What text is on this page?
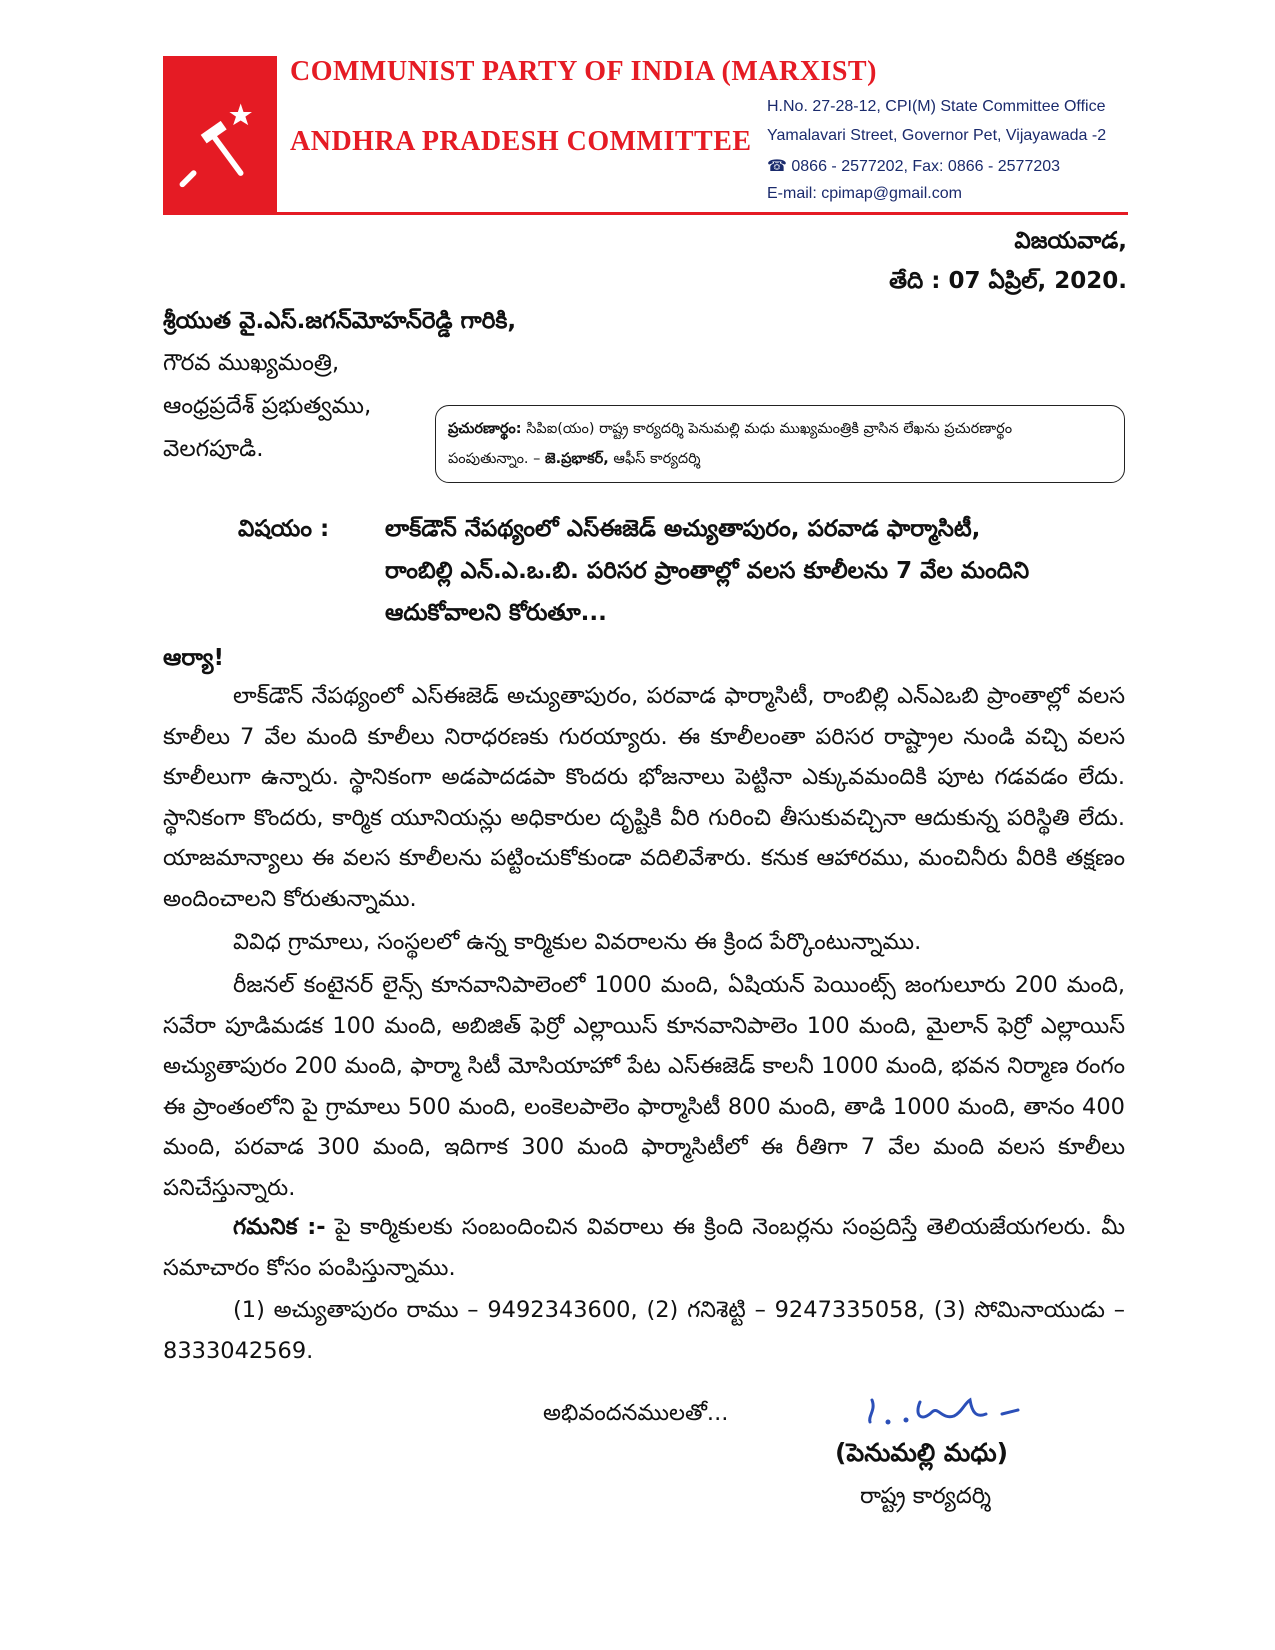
COMMUNIST PARTY OF INDIA (MARXIST)
ANDHRA PRADESH COMMITTEE
H.No. 27-28-12, CPI(M) State Committee Office
Yamalavari Street, Governor Pet, Vijayawada -2
☎ 0866 - 2577202, Fax: 0866 - 2577203
E-mail: cpimap@gmail.com
విజయవాడ,
తేది : 07 ఏప్రిల్, 2020.
శ్రీయుత వై.ఎస్.జగన్‌మోహన్‌రెడ్డి గారికి,
గౌరవ ముఖ్యమంత్రి,
ఆంధ్రప్రదేశ్ ప్రభుత్వము,
వెలగపూడి.
ప్రచురణార్థం: సిపిఐ(యం) రాష్ట్ర కార్యదర్శి పెనుమల్లి మధు ముఖ్యమంత్రికి వ్రాసిన లేఖను ప్రచురణార్థం
పంపుతున్నాం. – జె.ప్రభాకర్, ఆఫీస్ కార్యదర్శి
విషయం : లాక్‌డౌన్ నేపథ్యంలో ఎస్ఈజెడ్ అచ్యుతాపురం, పరవాడ ఫార్మాసిటీ,
రాంబిల్లి ఎన్.ఎ.ఒ.బి. పరిసర ప్రాంతాల్లో వలస కూలీలను 7 వేల మందిని
ఆదుకోవాలని కోరుతూ...
ఆర్యా!

లాక్‌డౌన్ నేపథ్యంలో ఎస్ఈజెడ్ అచ్యుతాపురం, పరవాడ ఫార్మాసిటీ, రాంబిల్లి ఎన్ఎఒబి ప్రాంతాల్లో వలస కూలీలు 7 వేల మంది కూలీలు నిరాధరణకు గురయ్యారు. ఈ కూలీలంతా పరిసర రాష్ట్రాల నుండి వచ్చి వలస కూలీలుగా ఉన్నారు. స్థానికంగా అడపాదడపా కొందరు భోజనాలు పెట్టినా ఎక్కువమందికి పూట గడవడం లేదు. స్థానికంగా కొందరు, కార్మిక యూనియన్లు అధికారుల దృష్టికి వీరి గురించి తీసుకువచ్చినా ఆదుకున్న పరిస్థితి లేదు. యాజమాన్యాలు ఈ వలస కూలీలను పట్టించుకోకుండా వదిలివేశారు. కనుక ఆహారము, మంచినీరు వీరికి తక్షణం అందించాలని కోరుతున్నాము.

వివిధ గ్రామాలు, సంస్థలలో ఉన్న కార్మికుల వివరాలను ఈ క్రింద పేర్కొంటున్నాము.

రీజనల్ కంటైనర్ లైన్స్ కూనవానిపాలెంలో 1000 మంది, ఏషియన్ పెయింట్స్ జంగులూరు 200 మంది, సవేరా పూడిమడక 100 మంది, అబిజిత్ ఫెర్రో ఎల్లాయిస్ కూనవానిపాలెం 100 మంది, మైలాన్ ఫెర్రో ఎల్లాయిస్ అచ్యుతాపురం 200 మంది, ఫార్మా సిటీ మోసియాహో పేట ఎస్ఈజెడ్ కాలనీ 1000 మంది, భవన నిర్మాణ రంగం ఈ ప్రాంతంలోని పై గ్రామాలు 500 మంది, లంకెలపాలెం ఫార్మాసిటీ 800 మంది, తాడి 1000 మంది, తానం 400 మంది, పరవాడ 300 మంది, ఇదిగాక 300 మంది ఫార్మాసిటీలో ఈ రీతిగా 7 వేల మంది వలస కూలీలు పనిచేస్తున్నారు.

గమనిక :- పై కార్మికులకు సంబందించిన వివరాలు ఈ క్రింది నెంబర్లను సంప్రదిస్తే తెలియజేయగలరు. మీ సమాచారం కోసం పంపిస్తున్నాము.

(1) అచ్యుతాపురం రాము – 9492343600, (2) గనిశెట్టి – 9247335058, (3) సోమినాయుడు – 8333042569.

అభివందనములతో...
(పెనుమల్లి మధు)
రాష్ట్ర కార్యదర్శి
